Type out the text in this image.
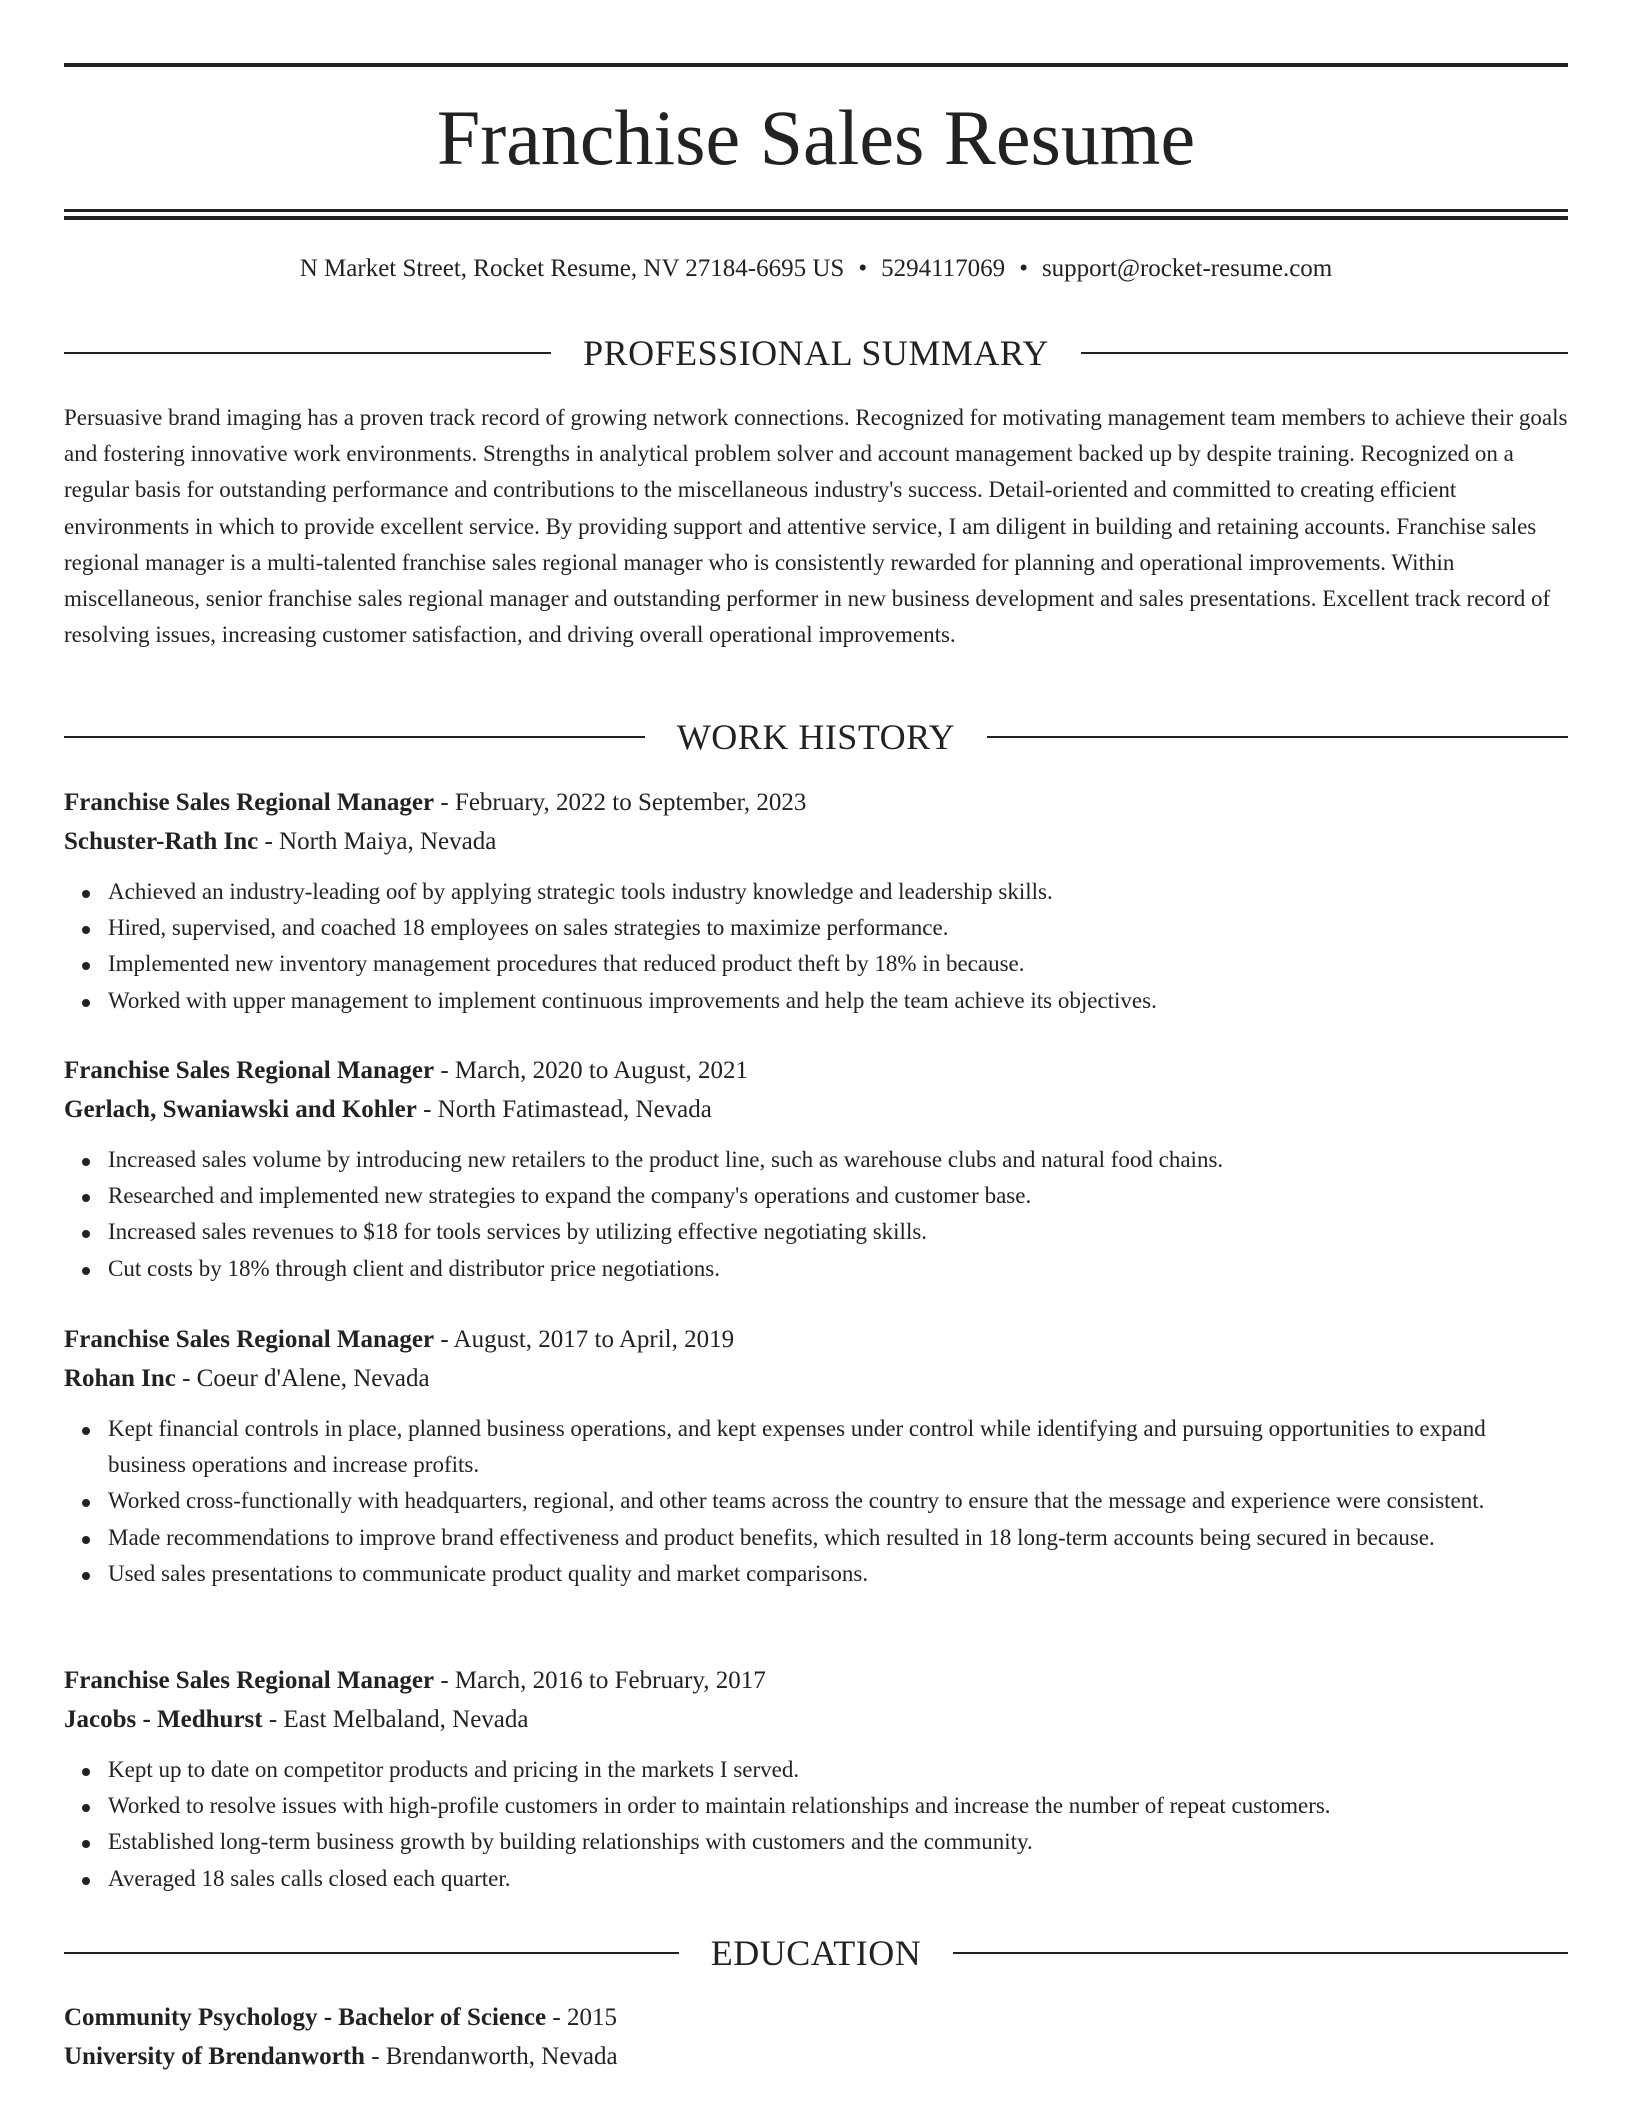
Franchise Sales Resume
N Market Street, Rocket Resume, NV 27184-6695 US • 5294117069 • support@rocket-resume.com
PROFESSIONAL SUMMARY

Persuasive brand imaging has a proven track record of growing network connections. Recognized for motivating management team members to achieve their goals and fostering innovative work environments. Strengths in analytical problem solver and account management backed up by despite training. Recognized on a regular basis for outstanding performance and contributions to the miscellaneous industry's success. Detail-oriented and committed to creating efficient environments in which to provide excellent service. By providing support and attentive service, I am diligent in building and retaining accounts. Franchise sales regional manager is a multi-talented franchise sales regional manager who is consistently rewarded for planning and operational improvements. Within miscellaneous, senior franchise sales regional manager and outstanding performer in new business development and sales presentations. Excellent track record of resolving issues, increasing customer satisfaction, and driving overall operational improvements.

WORK HISTORY
Franchise Sales Regional Manager - February, 2022 to September, 2023
Schuster-Rath Inc - North Maiya, Nevada
Achieved an industry-leading oof by applying strategic tools industry knowledge and leadership skills.
Hired, supervised, and coached 18 employees on sales strategies to maximize performance.
Implemented new inventory management procedures that reduced product theft by 18% in because.
Worked with upper management to implement continuous improvements and help the team achieve its objectives.
Franchise Sales Regional Manager - March, 2020 to August, 2021
Gerlach, Swaniawski and Kohler - North Fatimastead, Nevada
Increased sales volume by introducing new retailers to the product line, such as warehouse clubs and natural food chains.
Researched and implemented new strategies to expand the company's operations and customer base.
Increased sales revenues to $18 for tools services by utilizing effective negotiating skills.
Cut costs by 18% through client and distributor price negotiations.
Franchise Sales Regional Manager - August, 2017 to April, 2019
Rohan Inc - Coeur d'Alene, Nevada
Kept financial controls in place, planned business operations, and kept expenses under control while identifying and pursuing opportunities to expand business operations and increase profits.
Worked cross-functionally with headquarters, regional, and other teams across the country to ensure that the message and experience were consistent.
Made recommendations to improve brand effectiveness and product benefits, which resulted in 18 long-term accounts being secured in because.
Used sales presentations to communicate product quality and market comparisons.
Franchise Sales Regional Manager - March, 2016 to February, 2017
Jacobs - Medhurst - East Melbaland, Nevada
Kept up to date on competitor products and pricing in the markets I served.
Worked to resolve issues with high-profile customers in order to maintain relationships and increase the number of repeat customers.
Established long-term business growth by building relationships with customers and the community.
Averaged 18 sales calls closed each quarter.
EDUCATION
Community Psychology - Bachelor of Science - 2015
University of Brendanworth - Brendanworth, Nevada
